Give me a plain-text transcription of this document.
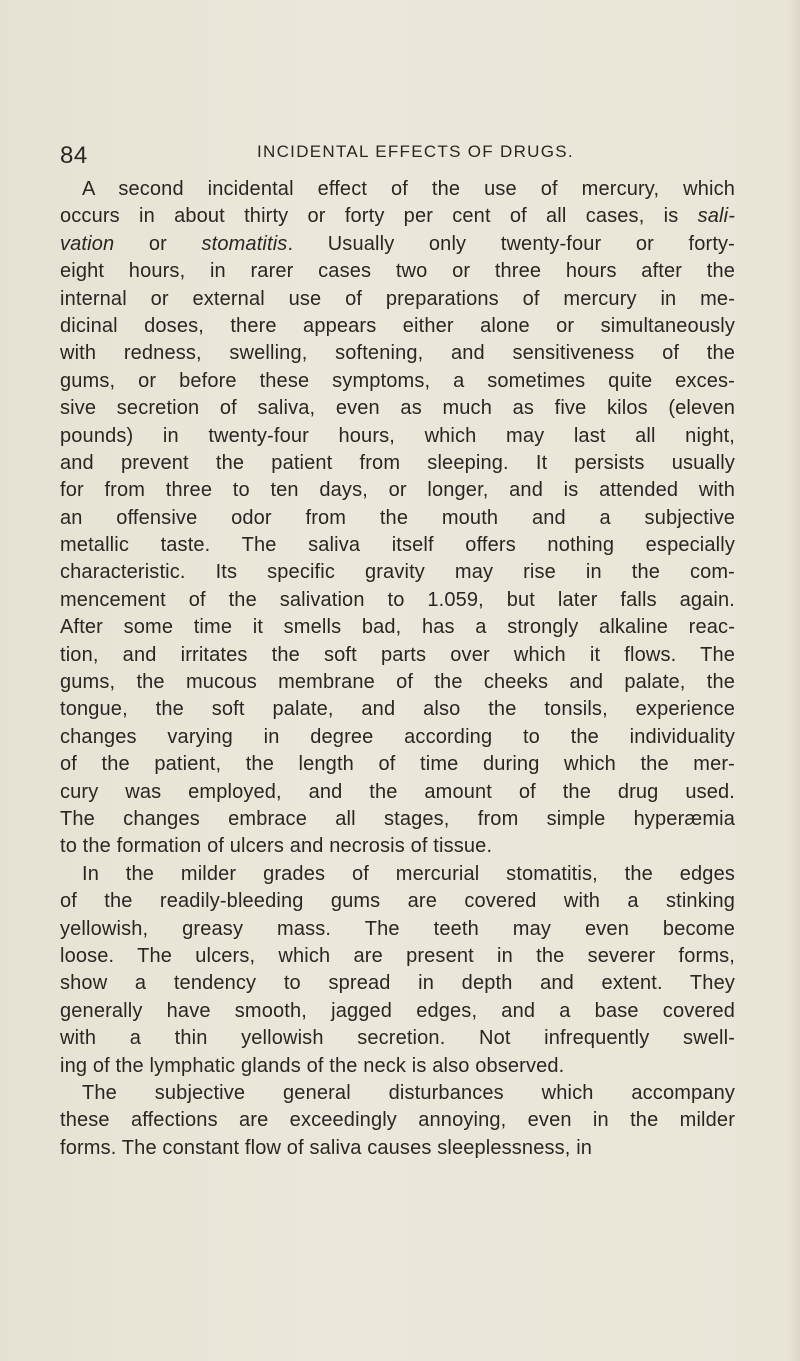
84	INCIDENTAL EFFECTS OF DRUGS.
A second incidental effect of the use of mercury, which
occurs in about thirty or forty per cent of all cases, is sali-
vation or stomatitis. Usually only twenty-four or forty-
eight hours, in rarer cases two or three hours after the
internal or external use of preparations of mercury in me-
dicinal doses, there appears either alone or simultaneously
with redness, swelling, softening, and sensitiveness of the
gums, or before these symptoms, a sometimes quite exces-
sive secretion of saliva, even as much as five kilos (eleven
pounds) in twenty-four hours, which may last all night,
and prevent the patient from sleeping. It persists usually
for from three to ten days, or longer, and is attended with
an offensive odor from the mouth and a subjective
metallic taste. The saliva itself offers nothing especially
characteristic. Its specific gravity may rise in the com-
mencement of the salivation to 1.059, but later falls again.
After some time it smells bad, has a strongly alkaline reac-
tion, and irritates the soft parts over which it flows. The
gums, the mucous membrane of the cheeks and palate, the
tongue, the soft palate, and also the tonsils, experience
changes varying in degree according to the individuality
of the patient, the length of time during which the mer-
cury was employed, and the amount of the drug used.
The changes embrace all stages, from simple hyperæmia
to the formation of ulcers and necrosis of tissue.
In the milder grades of mercurial stomatitis, the edges
of the readily-bleeding gums are covered with a stinking
yellowish, greasy mass. The teeth may even become
loose. The ulcers, which are present in the severer forms,
show a tendency to spread in depth and extent. They
generally have smooth, jagged edges, and a base covered
with a thin yellowish secretion. Not infrequently swell-
ing of the lymphatic glands of the neck is also observed.
The subjective general disturbances which accompany
these affections are exceedingly annoying, even in the milder
forms. The constant flow of saliva causes sleeplessness, in
